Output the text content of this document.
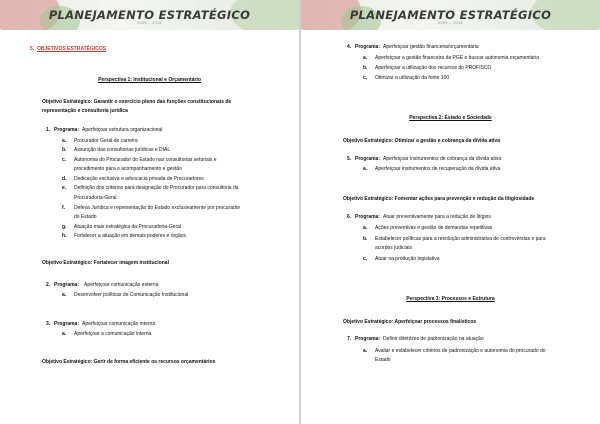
PLANEJAMENTO ESTRATÉGICO
2009 – 2016
5. OBJETIVOS ESTRATÉGICOS
Perspectiva 1: Institucional e Orçamentário
Objetivo Estratégico: Garantir o exercício pleno das funções constitucionais de
representação e consultoria jurídica
1. Programa: Aperfeiçoar estrutura organizacional
a. Procurador Geral de carreira
b. Assunção das consultorias jurídicas e DIAL
c. Autonomia do Procurador do Estado nas consultorias setoriais e
procedimento para o acompanhamento e gestão
d. Dedicação exclusiva e advocacia privada de Procuradores
e. Definição dos critérios para designação do Procurador para consultoria da
Procuradoria-Geral
f. Defesa Jurídica e representação do Estado exclusivamente por procurador
do Estado
g. Atuação mais estratégica da Procuradoria-Geral
h. Fortalecer a atuação em demais poderes e órgãos
Objetivo Estratégico: Fortalecer imagem institucional
2. Programa: Aperfeiçoar comunicação externa
a. Desenvolver políticas de Comunicação Institucional
3. Programa: Aperfeiçoar comunicação interna
a. Aperfeiçoar a comunicação interna
Objetivo Estratégico: Gerir de forma eficiente os recursos orçamentários
PLANEJAMENTO ESTRATÉGICO
2009 – 2016
4. Programa: Aperfeiçoar gestão financeira/orçamentária
a. Aperfeiçoar a gestão financeira da PGE e buscar autonomia orçamentária
b. Aperfeiçoar a utilização dos recursos do PROFISCO
c. Otimizar a utilização da fonte 100
Perspectiva 2: Estado e Sociedade
Objetivo Estratégico: Otimizar a gestão e cobrança da dívida ativa
5. Programa: Aperfeiçoar instrumentos de cobrança da dívida ativa
a. Aperfeiçoar instrumentos de recuperação da dívida ativa
Objetivo Estratégico: Fomentar ações para prevenção e redução da litigiosidade
6. Programa: Atuar preventivamente para a redução de litígios
a. Ações preventivas e gestão de demandas repetitivas
b. Estabelecer políticas para a resolução administrativa de controvérsias e para
acordos judiciais
c. Atuar na produção legislativa
Perspectiva 3: Processos e Estrutura
Objetivo Estratégico: Aperfeiçoar processos finalísticos
7. Programa: Definir diretrizes de padronização na atuação
a. Avaliar e estabelecer critérios de padronização e autonomia do procurado do
Estado
